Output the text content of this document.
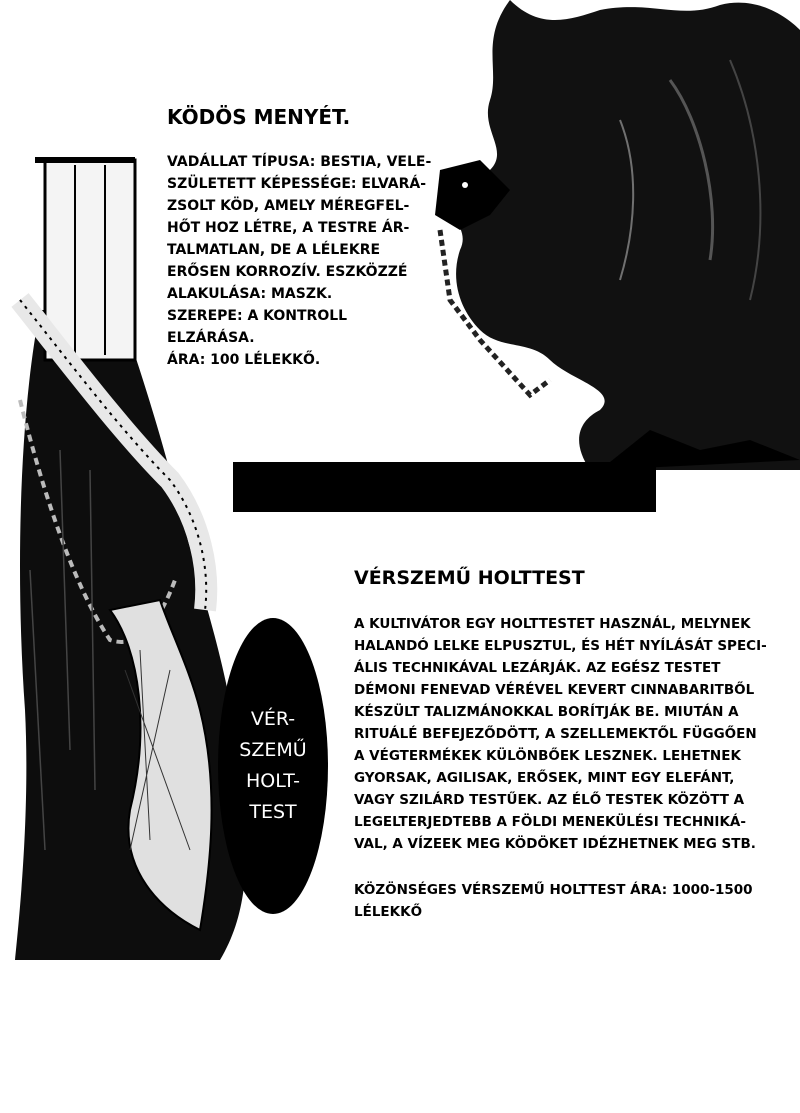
KÖDÖS MENYÉT.

VADÁLLAT TÍPUSA: BESTIA, VELE-
SZÜLETETT KÉPESSÉGE: ELVARÁ-
ZSOLT KÖD, AMELY MÉREGFEL-
HŐT HOZ LÉTRE, A TESTRE ÁR-
TALMATLAN, DE A LÉLEKRE
ERŐSEN KORROZÍV. ESZKÖZZÉ
ALAKULÁSA: MASZK.
SZEREPE: A KONTROLL
ELZÁRÁSA.
ÁRA: 100 LÉLEKKŐ.

VÉRSZEMŰ HOLTTEST

A KULTIVÁTOR EGY HOLTTESTET HASZNÁL, MELYNEK
HALANDÓ LELKE ELPUSZTUL, ÉS HÉT NYÍLÁSÁT SPECI-
ÁLIS TECHNIKÁVAL LEZÁRJÁK. AZ EGÉSZ TESTET
DÉMONI FENEVAD VÉRÉVEL KEVERT CINNABARITBŐL
KÉSZÜLT TALIZMÁNOKKAL BORÍTJÁK BE. MIUTÁN A
RITUÁLÉ BEFEJEZŐDÖTT, A SZELLEMEKTŐL FÜGGŐEN
A VÉGTERMÉKEK KÜLÖNBŐEK LESZNEK. LEHETNEK
GYORSAK, AGILISAK, ERŐSEK, MINT EGY ELEFÁNT,
VAGY SZILÁRD TESTŰEK. AZ ÉLŐ TESTEK KÖZÖTT A
LEGELTERJEDTEBB A FÖLDI MENEKÜLÉSI TECHNIKÁ-
VAL, A VÍZEEK MEG KÖDÖKET IDÉZHETNEK MEG STB.

KÖZÖNSÉGES VÉRSZEMŰ HOLTTEST ÁRA: 1000-1500
LÉLEKKŐ

VÉR-
SZEMŰ
HOLT-
TEST
